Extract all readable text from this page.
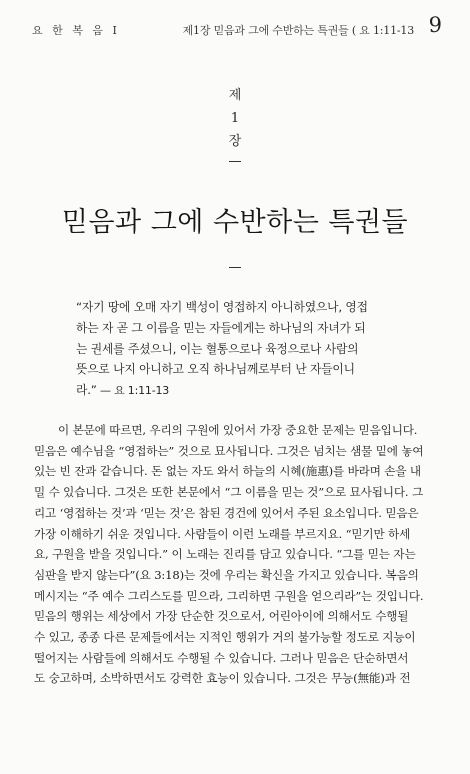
요 한 복 음 Ⅰ	제1장 믿음과 그에 수반하는 특권들 ( 요 1:11-13 9
제
1
장
믿음과 그에 수반하는 특권들
“자기 땅에 오매 자기 백성이 영접하지 아니하였으나, 영접
하는 자 곧 그 이름을 믿는 자들에게는 하나님의 자녀가 되
는 권세를 주셨으니, 이는 혈통으로나 육정으로나 사람의
뜻으로 나지 아니하고 오직 하나님께로부터 난 자들이니
라.” — 요 1:11-13
이 본문에 따르면, 우리의 구원에 있어서 가장 중요한 문제는 믿음입니다.
믿음은 예수님을 “영접하는” 것으로 묘사됩니다. 그것은 넘치는 샘물 밑에 놓여
있는 빈 잔과 같습니다. 돈 없는 자도 와서 하늘의 시혜(施惠)를 바라며 손을 내
밀 수 있습니다. 그것은 또한 본문에서 “그 이름을 믿는 것”으로 묘사됩니다. 그
리고 ‘영접하는 것’과 ‘믿는 것’은 참된 경건에 있어서 주된 요소입니다. 믿음은
가장 이해하기 쉬운 것입니다. 사람들이 이런 노래를 부르지요. “믿기만 하세
요, 구원을 받을 것입니다.” 이 노래는 진리를 담고 있습니다. “그를 믿는 자는
심판을 받지 않는다”(요 3:18)는 것에 우리는 확신을 가지고 있습니다. 복음의
메시지는 “주 예수 그리스도를 믿으라, 그리하면 구원을 얻으리라”는 것입니다.
믿음의 행위는 세상에서 가장 단순한 것으로서, 어린아이에 의해서도 수행될
수 있고, 종종 다른 문제들에서는 지적인 행위가 거의 불가능할 정도로 지능이
떨어지는 사람들에 의해서도 수행될 수 있습니다. 그러나 믿음은 단순하면서
도 숭고하며, 소박하면서도 강력한 효능이 있습니다. 그것은 무능(無能)과 전
